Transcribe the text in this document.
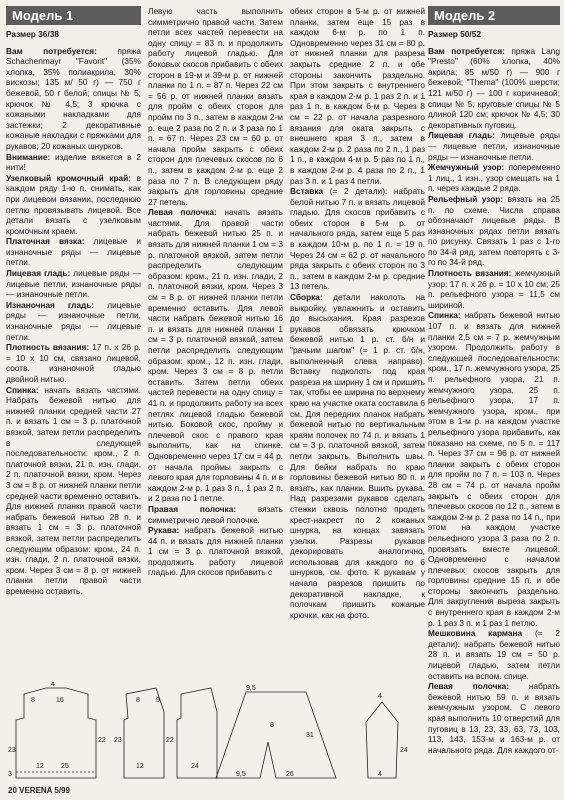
Модель 1
Размер 36/38

Вам потребуется: пряжа Schachenmayr "Favorit" (35% хлопка, 35% полиакрила, 30% вискозы; 135 м/ 50 г) — 750 г бежевой, 50 г белой; спицы № 5; крючок № 4,5; 3 крючка с кожаными накладками для застежки; 2 декоративные кожаные накладки с пряжками для рукавов; 20 кожаных шнурков.

Внимание: изделие вяжется в 2 нити!

Узелковый кромочный край: в каждом ряду 1-ю п. снимать, как при лицевом вязании, последнюю петлю провязывать лицевой. Все детали вязать с узелковым кромочным краем.

Платочная вязка: лицевые и изнаночные ряды — лицевые петли.

Лицевая гладь: лицевые ряды — лицевые петли, изнаночные ряды — изнаночные петли.

Изнаночная гладь: лицевые ряды — изнаночные петли, изнаночные ряды — лицевые петли.

Плотность вязания: 17 п. x 26 р. = 10 x 10 см, связано лицевой, соотв. изнаночной гладью двойной нитью.

Спинка: начать вязать частями. Набрать бежевой нитью для нижней планки средней части 27 п. и вязать 1 см = 3 р. платочной вязкой, затем петли распределить в следующей последовательности: кром., 2 п. платочной вязки, 21 п. изн. глади, 2 п. платочной вязки, кром. Через 3 см = 8 р. от нижней планки петли средней части временно оставить. Для нижней планки правой части набрать бежевой нитью 28 п. и вязать 1 см = 3 р. платочной вязкой, затем петли распределить следующим образом: кром., 24 п. изн. глади, 2 п. платочной вязки, кром. Через 3 см = 8 р. от нижней планки петли правой части временно оставить.

Левую часть выполнить симметрично правой части. Затем петли всех частей перевести на одну спицу = 83 п. и продолжить работу лицевой гладью. Для боковых скосов прибавить с обеих сторон в 19-м и 39-м р. от нижней планки по 1 п. = 87 п. Через 22 см = 56 р. от нижней планки вязать для пройм с обеих сторон для пройм по 3 п., затем в каждом 2-м р. еще 2 раза по 2 п. и 3 раза по 1 п. = 67 п. Через 23 см = 60 р. от начала пройм закрыть с обеих сторон для плечевых скосов по 6 п., затем в каждом 2-м р. еще 2 раза по 7 п. В следующем ряду закрыть для горловины средние 27 петель.

Левая полочка: начать вязать частями. Для правой части набрать бежевой нитью 25 п. и вязать для нижней планки 1 см = 3 р. платочной вязкой, затем петли распределить следующим образом: кром., 21 п. изн. глади, 2 п. платочной вязки, кром. Через 3 см = 8 р. от нижней планки петли временно оставить. Для левой части набрать бежевой нитью 16 п. и вязать для нижней планки 1 см = 3 р. платочной вязкой, затем петли распределить следующим образом: кром., 12 п. изн. глади, кром. Через 3 см = 8 р. петли оставить. Затем петли обеих частей перевести на одну спицу = 41 п. и продолжить работу на всех петлях лицевой гладью бежевой нитью. Боковой скос, пройму и плечевой скос с правого края выполнить, как на спинке. Одновременно через 17 см = 44 р. от начала проймы закрыть с левого края для горловины 4 п. и в каждом 2-м р. 1 раз 3 п., 1 раз 2 п. и 2 раза по 1 петле.

Правая полочка: вязать симметрично левой полочке.

Рукава: набрать бежевой нитью 44 п. и вязать для нижней планки 1 см = 3 р. платочной вязкой, продолжить работу лицевой гладью. Для скосов прибавить с

обеих сторон в 5-м р. от нижней планки, затем еще 15 раз в каждом 6-м р. по 1 п. Одновременно через 31 см = 80 р. от нижней планки для разреза закрыть средние 2 п. и обе стороны закончить раздельно. При этом закрыть с внутреннего края в каждом 2-м р. 1 раз 2 п. и 1 раз 1 п. в каждом 6-м р. Через 8 см = 22 р. от начала разрезного вязания для оката закрыть с внешнего края 3 п., затем в каждом 2-м р. 2 раза по 2 п., 1 раз 1 п., в каждом 4-м р. 5 раз по 1 п., в каждом 2-м р. 4 раза по 2 п., 1 раз 3 п. и 1 раз 4 петли.

Вставка (= 2 детали): набрать белой нитью 7 п. и вязать лицевой гладью. Для скосов прибавить с обеих сторон в 5-м р. от начального ряда, затем еще 5 раз в каждом 10-м р. по 1 п. = 19 п. Через 24 см = 62 р. от начального ряда закрыть с обеих сторон по 3 п., затем в каждом 2-м р. средние 13 петель.

Сборка: детали наколоть на выкройку, увлажнить и оставить до высыхания. Края разрезов рукавов обвязать крючком бежевой нитью 1 р. ст. б/н и "рачьим шагом" (= 1 р. ст. б/н, выполненный слева направо). Вставку подколоть под края разреза на ширину 1 см и пришить так, чтобы ее ширина по верхнему краю на участке оката составила 6 см. Для передних планок набрать бежевой нитью по вертикальным краям полочек по 74 п. и вязать 1 см = 3 р. платочной вязкой, затем петли закрыть. Выполнить швы. Для бейки набрать по краю горловины бежевой нитью 80 п. и вязать, как планки. Вшить рукава. Над разрезами рукавов сделать стежки сквозь полотно продеть крест-накрест по 2 кожаных шнурка, на концах завязать узелки. Разрезы рукавов декорировать аналогично, использовав для каждого по 6 шнурков, см. фото. К рукавам у начала разрезов пришить по декоративной накладке, к полочкам пришить кожаные крючки, как на фото.

Модель 2
Размер 50/52

Вам потребуется: пряжа Lang "Presto" (60% хлопка, 40% акрила; 85 м/50 г) — 900 г бежевой; "Thema" (100% шерсти; 121 м/50 г) — 100 г коричневой; спицы № 5; круговые спицы № 5 длиной 120 см; крючок № 4,5; 30 декоративных пуговиц.

Лицевая гладь: лицевые ряды — лицевые петли, изнаночные ряды — изнаночные петли.

Жемчужный узор: попеременно 1 лиц., 1 изн., узор смещать на 1 п. через каждые 2 ряда.

Рельефный узор: вязать на 25 п. по схеме. Числа справа обозначают лицевые ряды. В изнаночных рядах петли вязать по рисунку. Связать 1 раз с 1-го по 34-й ряд, затем повторять с 3-го по 34-й ряд.

Плотность вязания: жемчужный узор: 17 п. x 26 р. = 10 x 10 см; 25 п. рельефного узора = 11,5 см шириной.

Спинка: набрать бежевой нитью 107 п. и вязать для нижней планки 2,5 см = 7 р. жемчужным узором. Продолжить работу в следующей последовательности: кром., 17 п. жемчужного узора, 25 п. рельефного узора, 21 п. жемчужного узора, 25 п. рельефного узора, 17 п. жемчужного узора, кром., при этом в 1-м р. на каждом участке рельефного узора прибавить, как показано на схеме, по 5 п. = 117 п. Через 37 см = 96 р. от нижней планки закрыть с обеих сторон для пройм по 7 п. = 103 п. Через 28 см = 74 р. от начала пройм закрыть с обеих сторон для плечевых скосов по 12 п., затем в каждом 2-м р. 2 раза по 14 п., при этом на каждом участке рельефного узора 3 раза по 2 п. провязать вместе лицевой. Одновременно с началом плечевых скосов закрыть для горловины средние 15 п. и обе стороны закончить раздельно. Для закругления выреза закрыть с внутреннего края в каждом 2-м р. 1 раз 3 п. и 1 раз 1 петлю.

Мешковина кармана (= 2 детали): набрать бежевой нитью 28 п. и вязать 19 см = 50 р. лицевой гладью, затем петли оставить на вспом. спице.

Левая полочка: набрать бежевой нитью 59 п. и вязать жемчужным узором. С левого края выполнить 10 отверстий для пуговиц в 13, 23, 33, 63, 73, 103, 113, 143, 153-м и 163-м р. от начального ряда. Для каждого от-

4
8	16
23
22
3
12 25
8 9
23	22
12	24
9,5
31
8
9,5	26
4
24
4
20 VERENA 5/99
